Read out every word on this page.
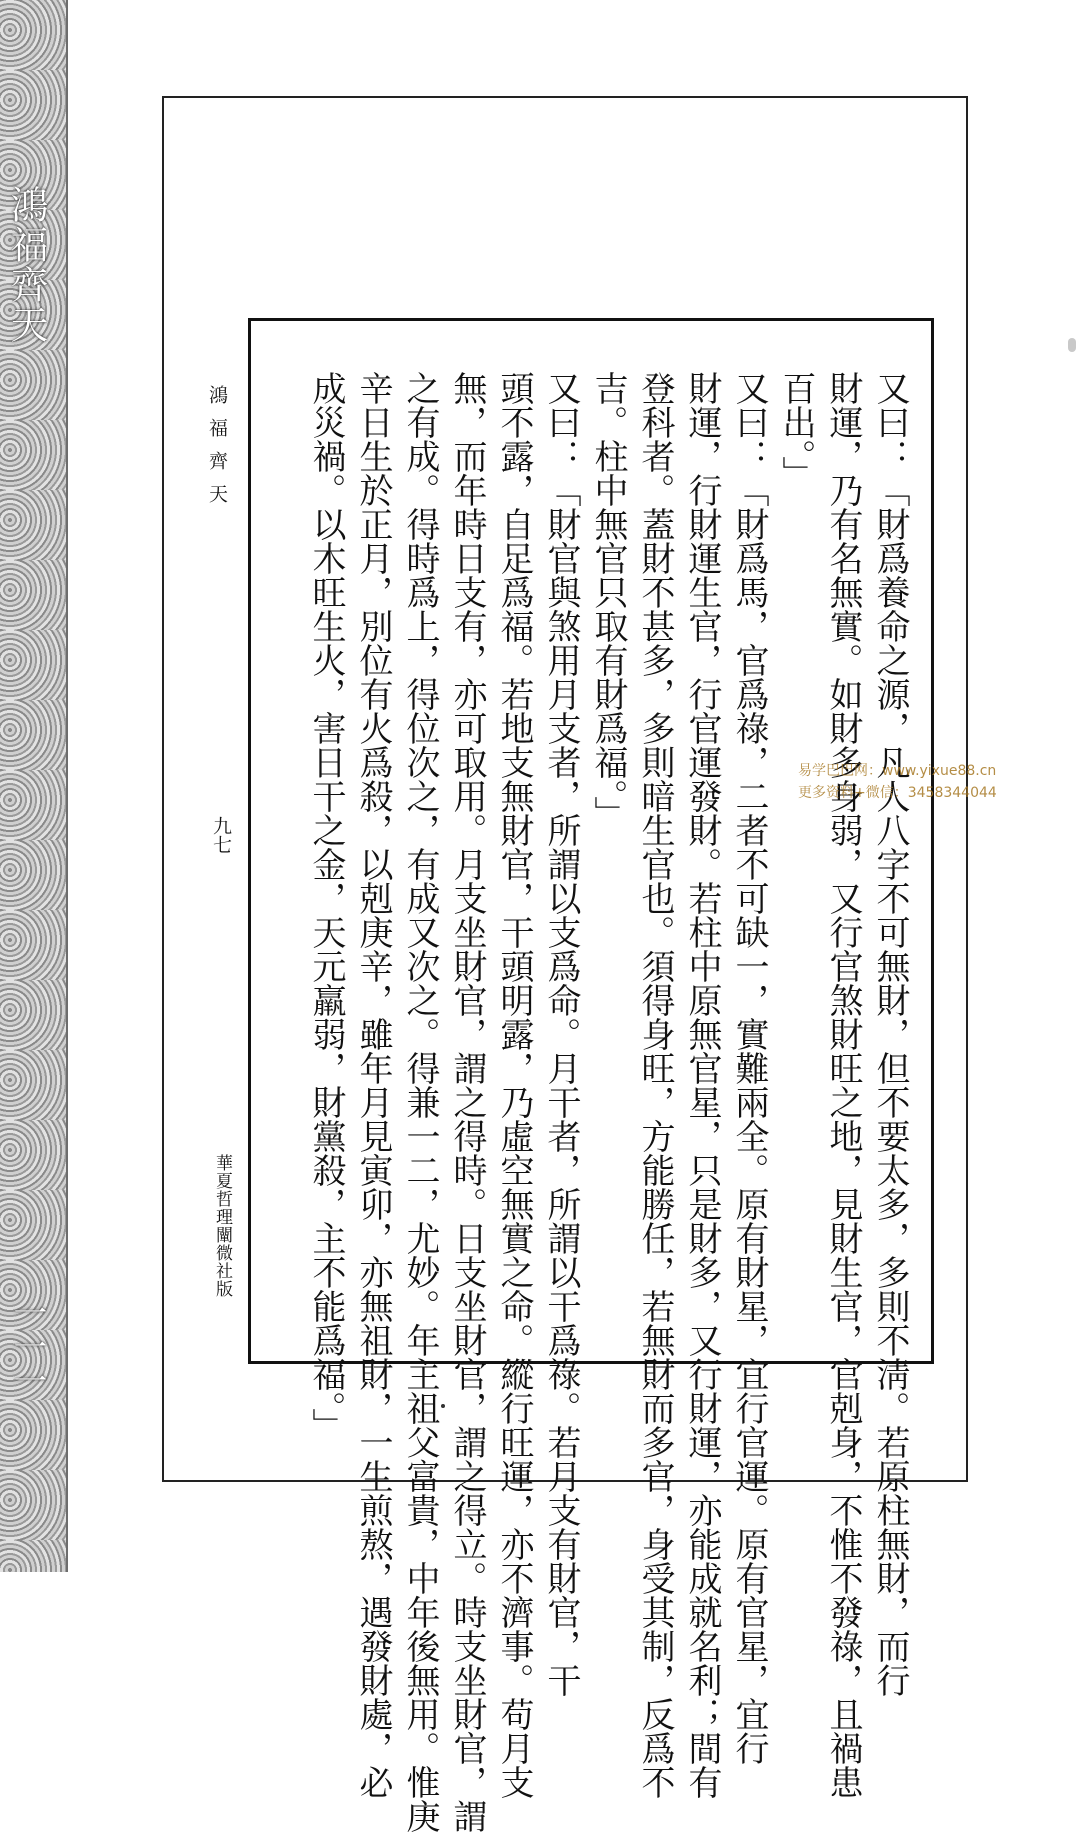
鴻福齊天
一一一
鴻福齊天
九七
華夏哲理闡微社版	又曰：「財爲養命之源，凡人八字不可無財，但不要太多，多則不淸。若原柱無財，而行
財運，乃有名無實。如財多身弱，又行官煞財旺之地，見財生官，官剋身，不惟不發祿，且禍患
百出。」
又曰：「財爲馬，官爲祿，二者不可缺一，實難兩全。原有財星，宜行官運。原有官星，宜行
財運，行財運生官，行官運發財。若柱中原無官星，只是財多，又行財運，亦能成就名利；間有
登科者。蓋財不甚多，多則暗生官也。須得身旺，方能勝任，若無財而多官，身受其制，反爲不
吉。柱中無官只取有財爲福。」
又曰：「財官與煞用月支者，所謂以支爲命。月干者，所謂以干爲祿。若月支有財官，干
頭不露，自足爲福。若地支無財官，干頭明露，乃虛空無實之命。縱行旺運，亦不濟事。苟月支
無，而年時日支有，亦可取用。月支坐財官，謂之得時。日支坐財官，謂之得立。時支坐財官，謂
之有成。得時爲上，得位次之，有成又次之。得兼一二，尤妙。年主祖父富貴，中年後無用。惟庚
辛日生於正月，別位有火爲殺，以剋庚辛，雖年月見寅卯，亦無祖財，一生煎熬，遇發財處，必
成災禍。以木旺生火，害日干之金，天元羸弱，財黨殺，主不能爲福。」	易学巴巴网：www.yixue88.cn
更多资料+微信：3458344044
